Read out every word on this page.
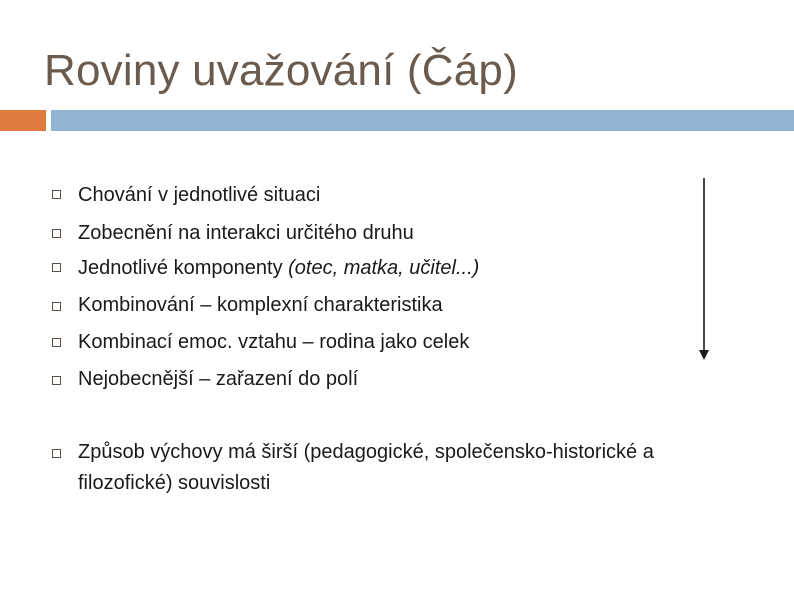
Roviny uvažování (Čáp)
Chování v jednotlivé situaci
Zobecnění na interakci určitého druhu
Jednotlivé komponenty (otec, matka, učitel...)
Kombinování – komplexní charakteristika
Kombinací emoc. vztahu – rodina jako celek
Nejobecnější – zařazení do polí
Způsob výchovy má širší (pedagogické, společensko-historické a filozofické) souvislosti
